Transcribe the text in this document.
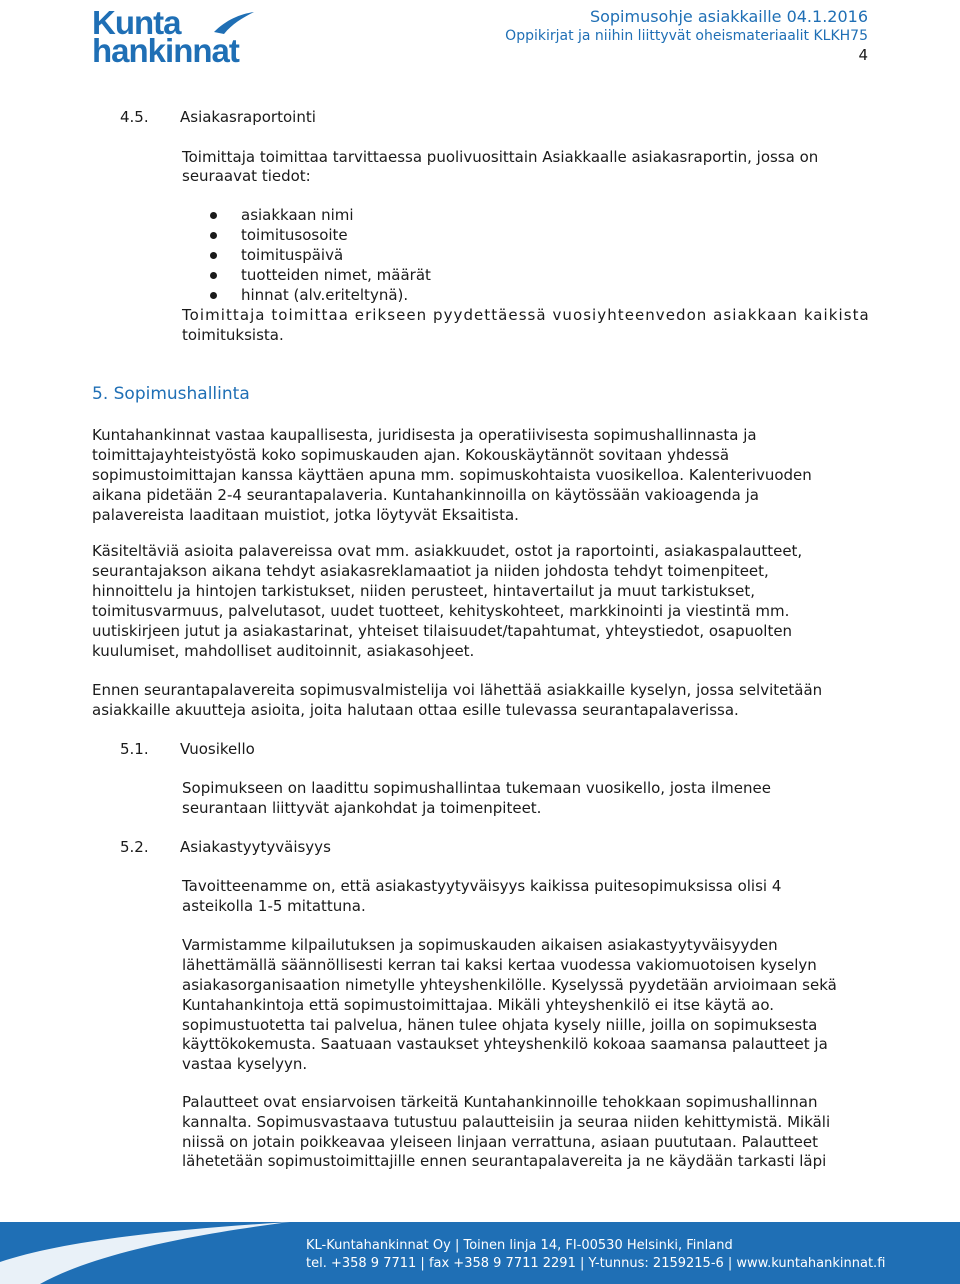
Kunta
hankinnat
Sopimusohje asiakkaille 04.1.2016
Oppikirjat ja niihin liittyvät oheismateriaalit KLKH75
4
4.5. Asiakasraportointi
Toimittaja toimittaa tarvittaessa puolivuosittain Asiakkaalle asiakasraportin, jossa on
seuraavat tiedot:
asiakkaan nimi
toimitusosoite
toimituspäivä
tuotteiden nimet, määrät
hinnat (alv.eriteltynä).
Toimittaja toimittaa erikseen pyydettäessä vuosiyhteenvedon asiakkaan kaikista
toimituksista.
5. Sopimushallinta
Kuntahankinnat vastaa kaupallisesta, juridisesta ja operatiivisesta sopimushallinnasta ja
toimittajayhteistyöstä koko sopimuskauden ajan. Kokouskäytännöt sovitaan yhdessä
sopimustoimittajan kanssa käyttäen apuna mm. sopimuskohtaista vuosikelloa. Kalenterivuoden
aikana pidetään 2-4 seurantapalaveria. Kuntahankinnoilla on käytössään vakioagenda ja
palavereista laaditaan muistiot, jotka löytyvät Eksaitista.
Käsiteltäviä asioita palavereissa ovat mm. asiakkuudet, ostot ja raportointi, asiakaspalautteet,
seurantajakson aikana tehdyt asiakasreklamaatiot ja niiden johdosta tehdyt toimenpiteet,
hinnoittelu ja hintojen tarkistukset, niiden perusteet, hintavertailut ja muut tarkistukset,
toimitusvarmuus, palvelutasot, uudet tuotteet, kehityskohteet, markkinointi ja viestintä mm.
uutiskirjeen jutut ja asiakastarinat, yhteiset tilaisuudet/tapahtumat, yhteystiedot, osapuolten
kuulumiset, mahdolliset auditoinnit, asiakasohjeet.
Ennen seurantapalavereita sopimusvalmistelija voi lähettää asiakkaille kyselyn, jossa selvitetään
asiakkaille akuutteja asioita, joita halutaan ottaa esille tulevassa seurantapalaverissa.
5.1. Vuosikello
Sopimukseen on laadittu sopimushallintaa tukemaan vuosikello, josta ilmenee
seurantaan liittyvät ajankohdat ja toimenpiteet.
5.2. Asiakastyytyväisyys
Tavoitteenamme on, että asiakastyytyväisyys kaikissa puitesopimuksissa olisi 4
asteikolla 1-5 mitattuna.
Varmistamme kilpailutuksen ja sopimuskauden aikaisen asiakastyytyväisyyden
lähettämällä säännöllisesti kerran tai kaksi kertaa vuodessa vakiomuotoisen kyselyn
asiakasorganisaation nimetylle yhteyshenkilölle. Kyselyssä pyydetään arvioimaan sekä
Kuntahankintoja että sopimustoimittajaa. Mikäli yhteyshenkilö ei itse käytä ao.
sopimustuotetta tai palvelua, hänen tulee ohjata kysely niille, joilla on sopimuksesta
käyttökokemusta. Saatuaan vastaukset yhteyshenkilö kokoaa saamansa palautteet ja
vastaa kyselyyn.
Palautteet ovat ensiarvoisen tärkeitä Kuntahankinnoille tehokkaan sopimushallinnan
kannalta. Sopimusvastaava tutustuu palautteisiin ja seuraa niiden kehittymistä. Mikäli
niissä on jotain poikkeavaa yleiseen linjaan verrattuna, asiaan puututaan. Palautteet
lähetetään sopimustoimittajille ennen seurantapalavereita ja ne käydään tarkasti läpi
KL-Kuntahankinnat Oy | Toinen linja 14, FI-00530 Helsinki, Finland
tel. +358 9 7711 | fax +358 9 7711 2291 | Y-tunnus: 2159215-6 | www.kuntahankinnat.fi
